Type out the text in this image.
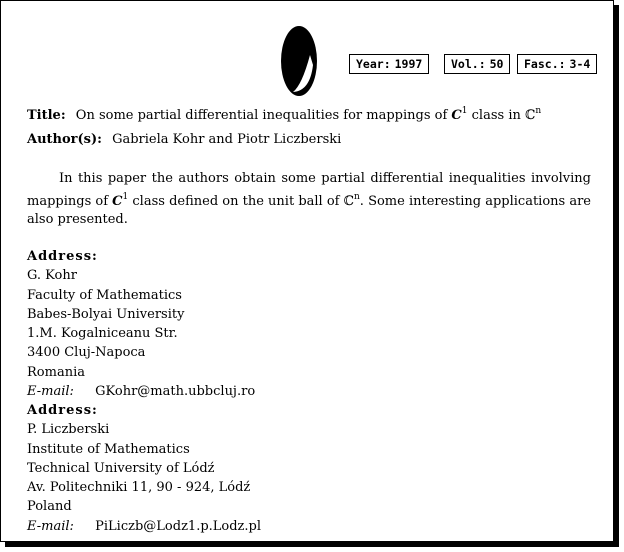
Year: 1997	Vol.: 50	Fasc.: 3-4
Title: On some partial differential inequalities for mappings of $C^1$ class in ℂ$^n$
Author(s): Gabriela Kohr and Piotr Liczberski

In this paper the authors obtain some partial differential inequalities involving mappings of $C^1$ class defined on the unit ball of ℂ$^n$. Some interesting applications are also presented.

Address:
G. Kohr
Faculty of Mathematics
Babes-Bolyai University
1.M. Kogalniceanu Str.
3400 Cluj-Napoca
Romania
E-mail: GKohr@math.ubbcluj.ro
Address:
P. Liczberski
Institute of Mathematics
Technical University of Lódź
Av. Politechniki 11, 90 - 924, Lódź
Poland
E-mail: PiLiczb@Lodz1.p.Lodz.pl
